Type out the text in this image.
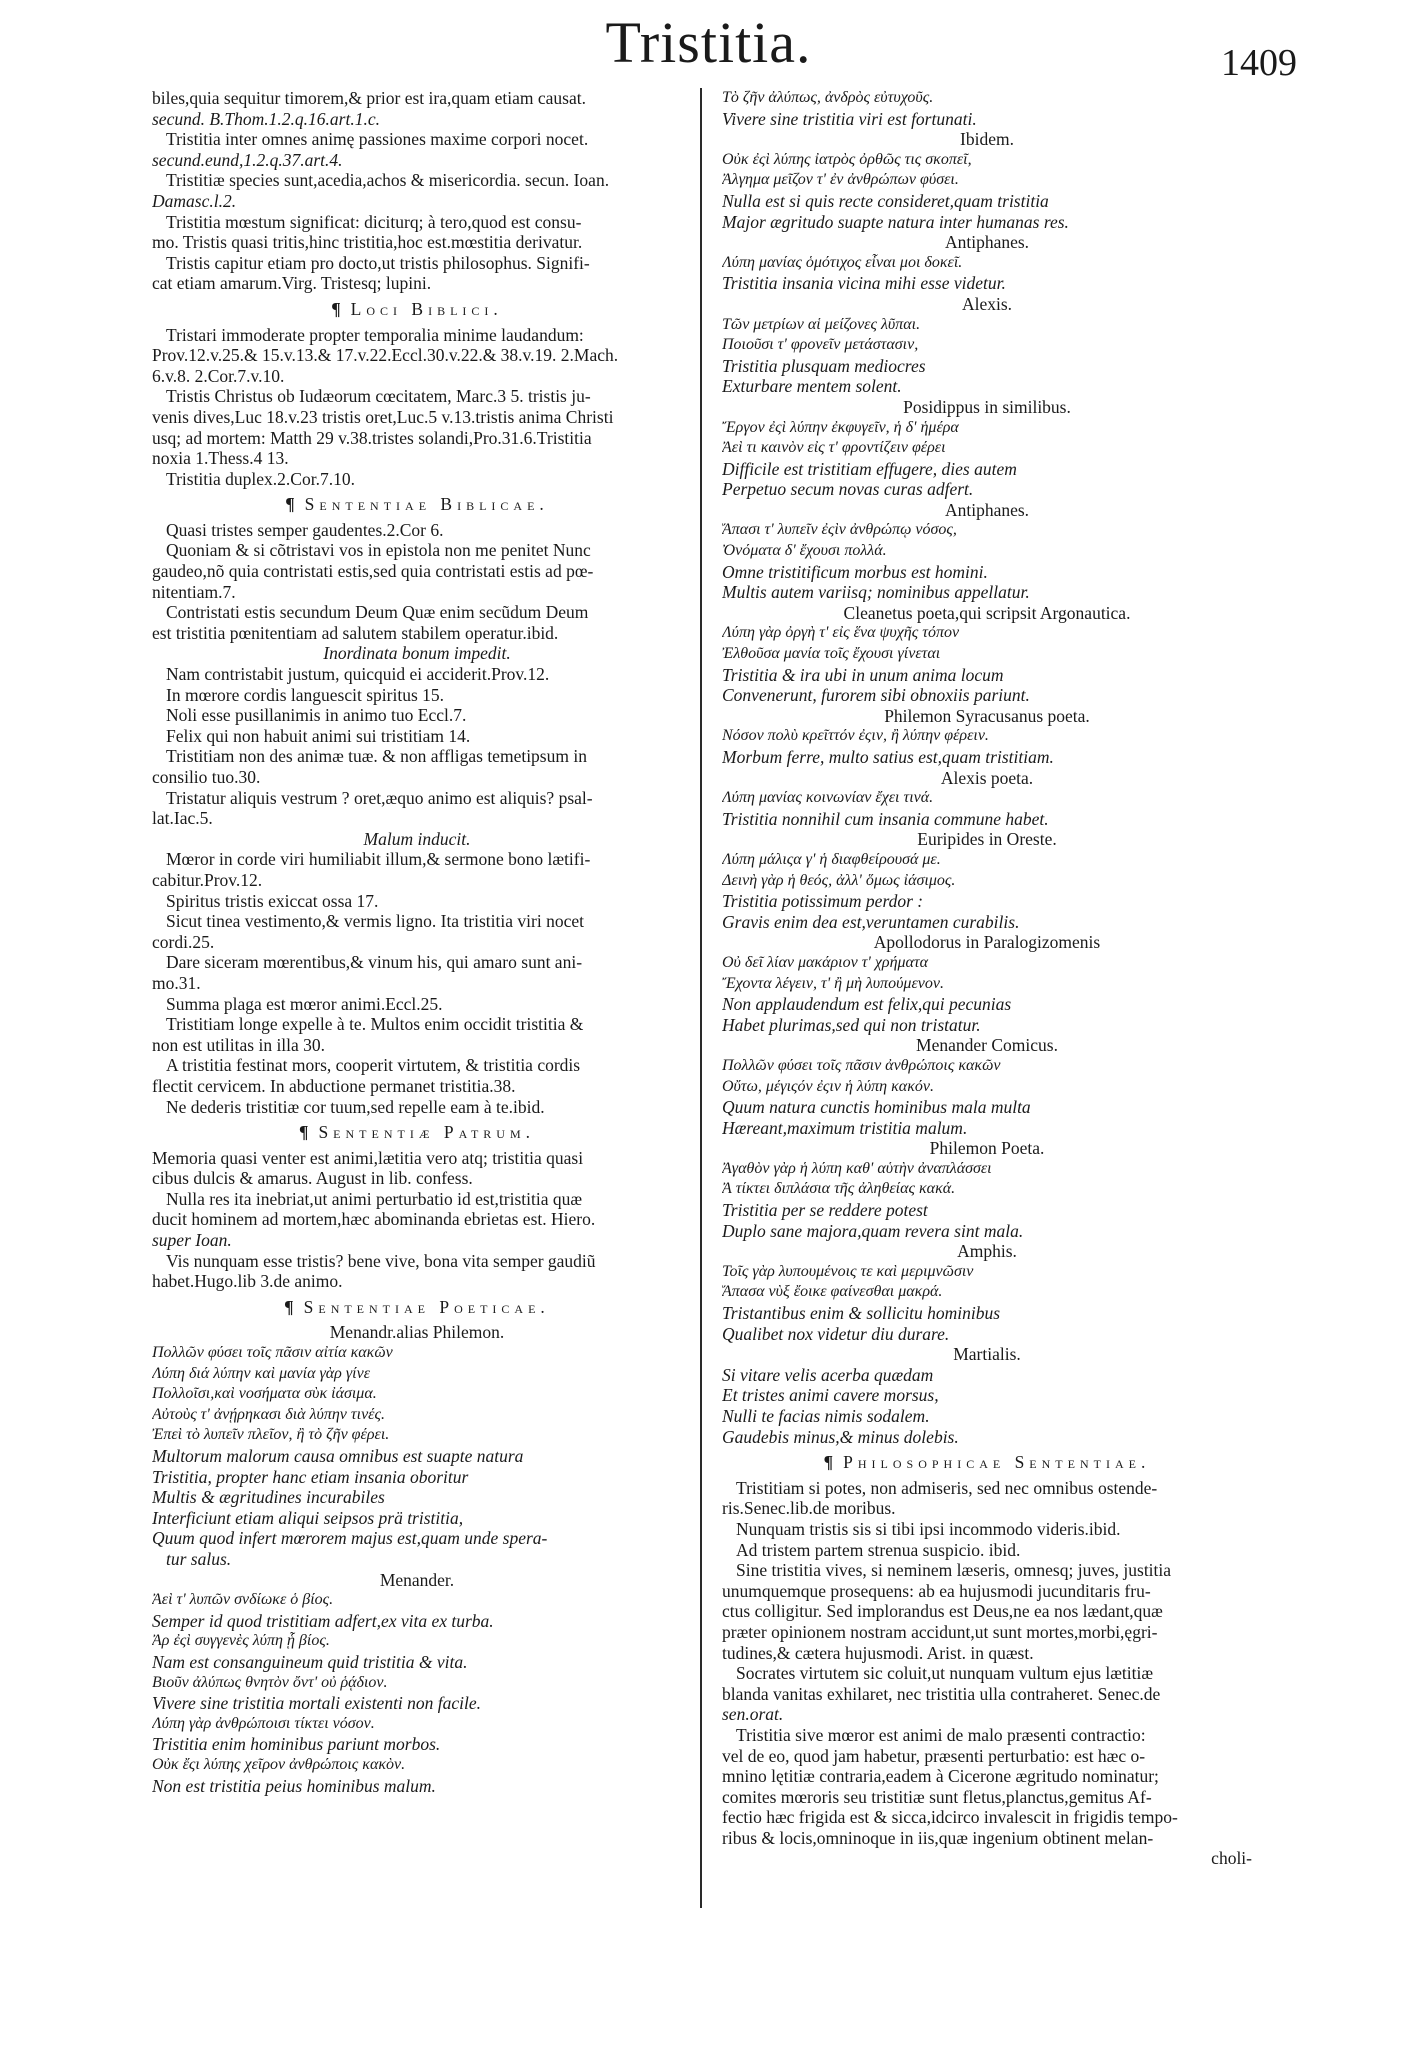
Tristitia.	1409
biles,quia sequitur timorem,& prior est ira,quam etiam causat.
secund. B.Thom.1.2.q.16.art.1.c.
Tristitia inter omnes animę passiones maxime corpori nocet.
secund.eund,1.2.q.37.art.4.
Tristitiæ species sunt,acedia,achos & misericordia. secun. Ioan.
Damasc.l.2.
Tristitia mœstum significat: diciturq; à tero,quod est consu-
mo. Tristis quasi tritis,hinc tristitia,hoc est.mœstitia derivatur.
Tristis capitur etiam pro docto,ut tristis philosophus. Signifi-
cat etiam amarum.Virg. Tristesq; lupini.
¶ Loci Biblici.
Tristari immoderate propter temporalia minime laudandum:
Prov.12.v.25.& 15.v.13.& 17.v.22.Eccl.30.v.22.& 38.v.19. 2.Mach.
6.v.8. 2.Cor.7.v.10.
Tristis Christus ob Iudæorum cœcitatem, Marc.3 5. tristis ju-
venis dives,Luc 18.v.23 tristis oret,Luc.5 v.13.tristis anima Christi
usq; ad mortem: Matth 29 v.38.tristes solandi,Pro.31.6.Tristitia
noxia 1.Thess.4 13.
Tristitia duplex.2.Cor.7.10.
¶ Sententiae Biblicae.
Quasi tristes semper gaudentes.2.Cor 6.
Quoniam & si cõtristavi vos in epistola non me penitet Nunc
gaudeo,nõ quia contristati estis,sed quia contristati estis ad pœ-
nitentiam.7.
Contristati estis secundum Deum Quæ enim secũdum Deum
est tristitia pœnitentiam ad salutem stabilem operatur.ibid.
Inordinata bonum impedit.
Nam contristabit justum, quicquid ei acciderit.Prov.12.
In mœrore cordis languescit spiritus 15.
Noli esse pusillanimis in animo tuo Eccl.7.
Felix qui non habuit animi sui tristitiam 14.
Tristitiam non des animæ tuæ. & non affligas temetipsum in
consilio tuo.30.
Tristatur aliquis vestrum ? oret,æquo animo est aliquis? psal-
lat.Iac.5.
Malum inducit.
Mœror in corde viri humiliabit illum,& sermone bono lætifi-
cabitur.Prov.12.
Spiritus tristis exiccat ossa 17.
Sicut tinea vestimento,& vermis ligno. Ita tristitia viri nocet
cordi.25.
Dare siceram mœrentibus,& vinum his, qui amaro sunt ani-
mo.31.
Summa plaga est mœror animi.Eccl.25.
Tristitiam longe expelle à te. Multos enim occidit tristitia &
non est utilitas in illa 30.
A tristitia festinat mors, cooperit virtutem, & tristitia cordis
flectit cervicem. In abductione permanet tristitia.38.
Ne dederis tristitiæ cor tuum,sed repelle eam à te.ibid.
¶ Sententiæ Patrum.
Memoria quasi venter est animi,lætitia vero atq; tristitia quasi
cibus dulcis & amarus. August in lib. confess.
Nulla res ita inebriat,ut animi perturbatio id est,tristitia quæ
ducit hominem ad mortem,hæc abominanda ebrietas est. Hiero.
super Ioan.
Vis nunquam esse tristis? bene vive, bona vita semper gaudiũ
habet.Hugo.lib 3.de animo.
¶ Sententiae Poeticae.
Menandr.alias Philemon.
Πολλῶν φύσει τοῖς πᾶσιν αἰτία κακῶν
Λύπη διά λύπην καὶ μανία γὰρ γίνε
Πολλοῖσι,καὶ νοσήματα σὺκ ἰάσιμα.
Αὐτοὺς τ' ἀνῄρηκασι διὰ λύπην τινές.
Ἐπεὶ τὸ λυπεῖν πλεῖον, ἢ τὸ ζῆν φέρει.
Multorum malorum causa omnibus est suapte natura
Tristitia, propter hanc etiam insania oboritur
Multis & ægritudines incurabiles
Interficiunt etiam aliqui seipsos prä tristitia,
Quum quod infert mœrorem majus est,quam unde spera-
tur salus.
Menander.
Ἀεὶ τ' λυπῶν σνδίωκε ὁ βίος.
Semper id quod tristitiam adfert,ex vita ex turba.
Ἀρ ἐςὶ συγγενὲς λύπη ᾗ βίος.
Nam est consanguineum quid tristitia & vita.
Βιοῦν ἀλύπως θνητὸν ὄντ' οὐ ῥᾴδιον.
Vivere sine tristitia mortali existenti non facile.
Λύπη γὰρ ἀνθρώποισι τίκτει νόσον.
Tristitia enim hominibus pariunt morbos.
Οὐκ ἔςι λύπης χεῖρον ἀνθρώποις κακὸν.
Non est tristitia peius hominibus malum.
Τὸ ζῆν ἀλύπως, ἀνδρὸς εὐτυχοῦς.
Vivere sine tristitia viri est fortunati.
Ibidem.
Οὐκ ἐςὶ λύπης ἰατρὸς ὀρθῶς τις σκοπεῖ,
Ἀλγημα μεῖζον τ' ἐν ἀνθρώπων φύσει.
Nulla est si quis recte consideret,quam tristitia
Major ægritudo suapte natura inter humanas res.
Antiphanes.
Λύπη μανίας ὁμότιχος εἶναι μοι δοκεῖ.
Tristitia insania vicina mihi esse videtur.
Alexis.
Τῶν μετρίων αἱ μείζονες λῦπαι.
Ποιοῦσι τ' φρονεῖν μετάστασιν,
Tristitia plusquam mediocres
Exturbare mentem solent.
Posidippus in similibus.
Ἔργον ἐςὶ λύπην ἐκφυγεῖν, ἡ δ' ἡμέρα
Ἀεὶ τι καινὸν εἰς τ' φροντίζειν φέρει
Difficile est tristitiam effugere, dies autem
Perpetuo secum novas curas adfert.
Antiphanes.
Ἅπασι τ' λυπεῖν ἐςὶν ἀνθρώπῳ νόσος,
Ὀνόματα δ' ἔχουσι πολλά.
Omne tristitificum morbus est homini.
Multis autem variisq; nominibus appellatur.
Cleanetus poeta,qui scripsit Argonautica.
Λύπη γὰρ ὀργὴ τ' εἰς ἕνα ψυχῆς τόπον
Ἐλθοῦσα μανία τοῖς ἔχουσι γίνεται
Tristitia & ira ubi in unum anima locum
Convenerunt, furorem sibi obnoxiis pariunt.
Philemon Syracusanus poeta.
Νόσον πολὺ κρεῖττόν ἐςιν, ἢ λύπην φέρειν.
Morbum ferre, multo satius est,quam tristitiam.
Alexis poeta.
Λύπη μανίας κοινωνίαν ἔχει τινά.
Tristitia nonnihil cum insania commune habet.
Euripides in Oreste.
Λύπη μάλιςα γ' ἡ διαφθείρουσά με.
Δεινὴ γὰρ ἡ θεός, ἀλλ' ὅμως ἰάσιμος.
Tristitia potissimum perdor :
Gravis enim dea est,veruntamen curabilis.
Apollodorus in Paralogizomenis
Οὐ δεῖ λίαν μακάριον τ' χρήματα
Ἔχοντα λέγειν, τ' ἢ μὴ λυπούμενον.
Non applaudendum est felix,qui pecunias
Habet plurimas,sed qui non tristatur.
Menander Comicus.
Πολλῶν φύσει τοῖς πᾶσιν ἀνθρώποις κακῶν
Οὔτω, μέγιςόν ἐςιν ἡ λύπη κακόν.
Quum natura cunctis hominibus mala multa
Hæreant,maximum tristitia malum.
Philemon Poeta.
Ἀγαθὸν γὰρ ἡ λύπη καθ' αὑτὴν ἀναπλάσσει
Ἀ τίκτει διπλάσια τῆς ἀληθείας κακά.
Tristitia per se reddere potest
Duplo sane majora,quam revera sint mala.
Amphis.
Τοῖς γὰρ λυπουμένοις τε καὶ μεριμνῶσιν
Ἅπασα νὺξ ἔοικε φαίνεσθαι μακρά.
Tristantibus enim & sollicitu hominibus
Qualibet nox videtur diu durare.
Martialis.
Si vitare velis acerba quædam
Et tristes animi cavere morsus,
Nulli te facias nimis sodalem.
Gaudebis minus,& minus dolebis.
¶ Philosophicae Sententiae.
Tristitiam si potes, non admiseris, sed nec omnibus ostende-
ris.Senec.lib.de moribus.
Nunquam tristis sis si tibi ipsi incommodo videris.ibid.
Ad tristem partem strenua suspicio. ibid.
Sine tristitia vives, si neminem læseris, omnesq; juves, justitia
unumquemque prosequens: ab ea hujusmodi jucunditaris fru-
ctus colligitur. Sed implorandus est Deus,ne ea nos lædant,quæ
præter opinionem nostram accidunt,ut sunt mortes,morbi,ęgri-
tudines,& cætera hujusmodi. Arist. in quæst.
Socrates virtutem sic coluit,ut nunquam vultum ejus lætitiæ
blanda vanitas exhilaret, nec tristitia ulla contraheret. Senec.de
sen.orat.
Tristitia sive mœror est animi de malo præsenti contractio:
vel de eo, quod jam habetur, præsenti perturbatio: est hæc o-
mnino lętitiæ contraria,eadem à Cicerone ægritudo nominatur;
comites mœroris seu tristitiæ sunt fletus,planctus,gemitus Af-
fectio hæc frigida est & sicca,idcirco invalescit in frigidis tempo-
ribus & locis,omninoque in iis,quæ ingenium obtinent melan-
choli-
